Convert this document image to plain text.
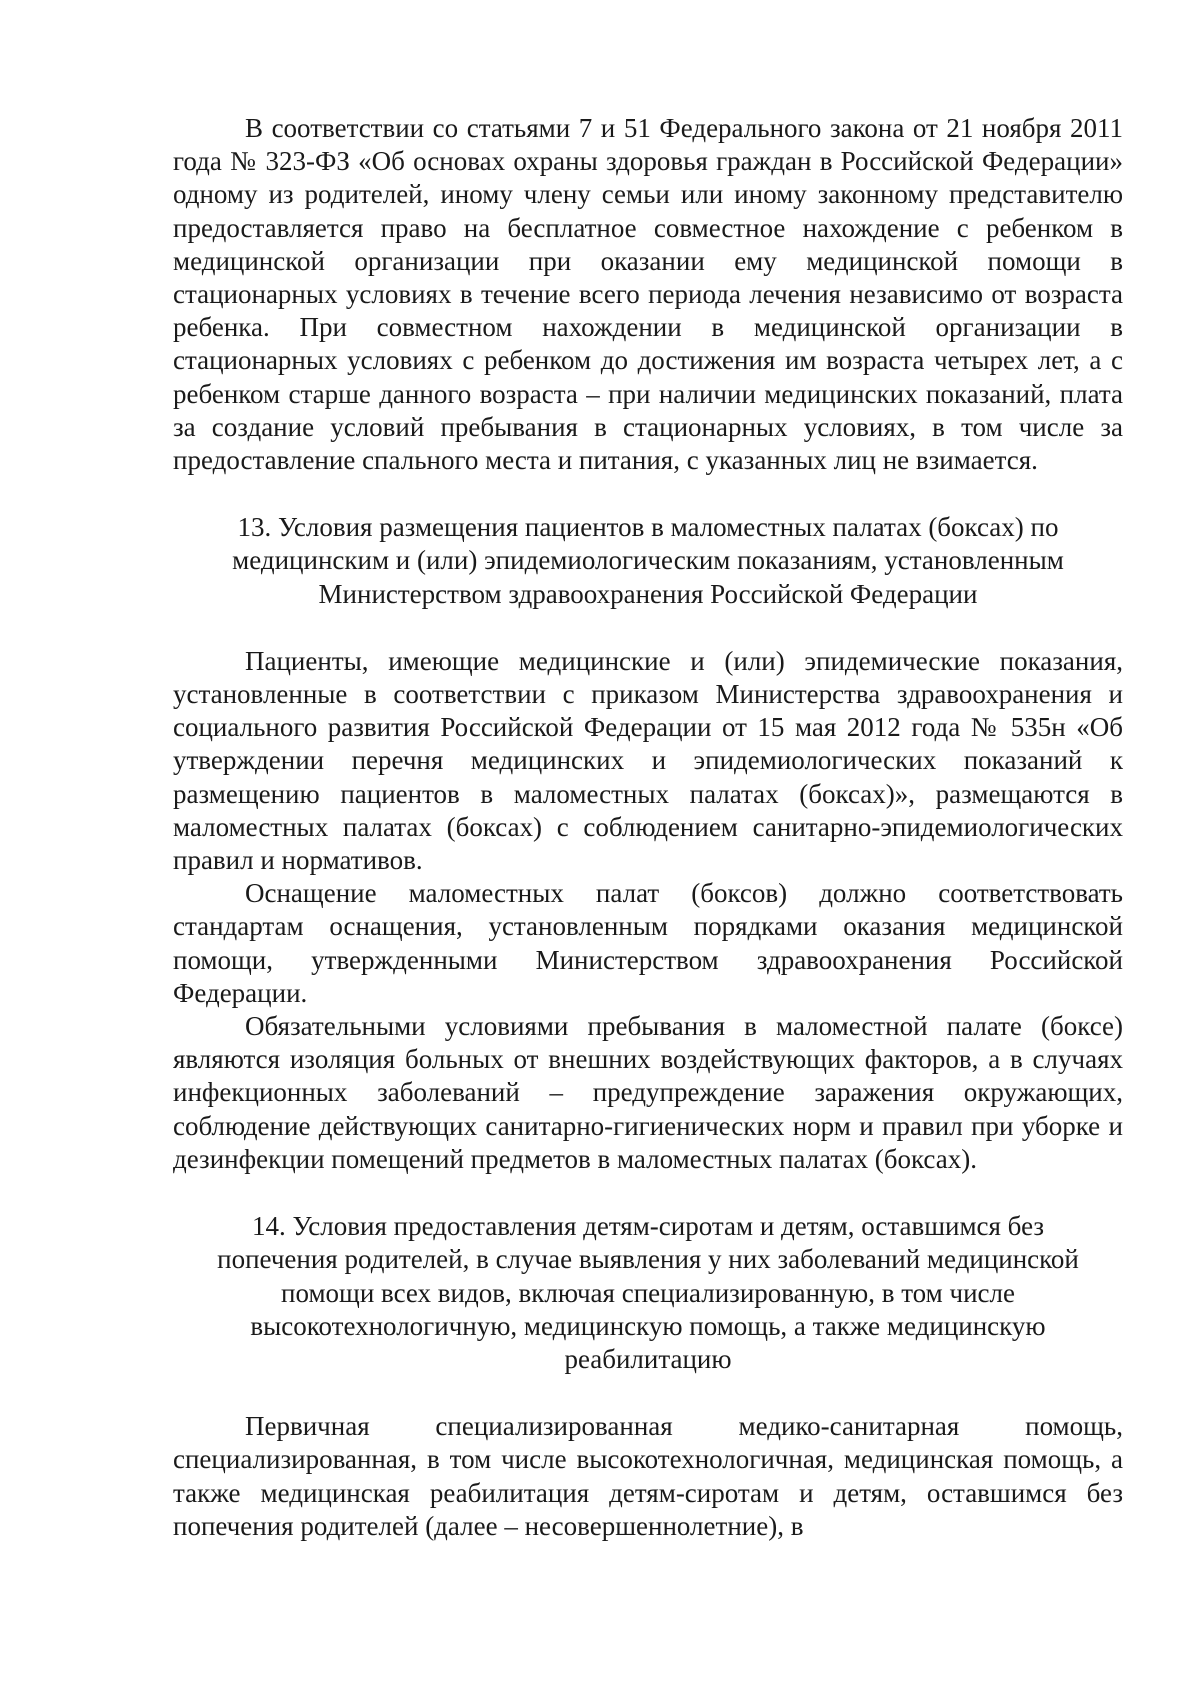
В соответствии со статьями 7 и 51 Федерального закона от 21 ноября 2011 года № 323-ФЗ «Об основах охраны здоровья граждан в Российской Федерации» одному из родителей, иному члену семьи или иному законному представителю предоставляется право на бесплатное совместное нахождение с ребенком в медицинской организации при оказании ему медицинской помощи в стационарных условиях в течение всего периода лечения независимо от возраста ребенка. При совместном нахождении в медицинской организации в стационарных условиях с ребенком до достижения им возраста четырех лет, а с ребенком старше данного возраста – при наличии медицинских показаний, плата за создание условий пребывания в стационарных условиях, в том числе за предоставление спального места и питания, с указанных лиц не взимается.

13. Условия размещения пациентов в маломестных палатах (боксах) по медицинским и (или) эпидемиологическим показаниям, установленным Министерством здравоохранения Российской Федерации

Пациенты, имеющие медицинские и (или) эпидемические показания, установленные в соответствии с приказом Министерства здравоохранения и социального развития Российской Федерации от 15 мая 2012 года № 535н «Об утверждении перечня медицинских и эпидемиологических показаний к размещению пациентов в маломестных палатах (боксах)», размещаются в маломестных палатах (боксах) с соблюдением санитарно-эпидемиологических правил и нормативов.

Оснащение маломестных палат (боксов) должно соответствовать стандартам оснащения, установленным порядками оказания медицинской помощи, утвержденными Министерством здравоохранения Российской Федерации.

Обязательными условиями пребывания в маломестной палате (боксе) являются изоляция больных от внешних воздействующих факторов, а в случаях инфекционных заболеваний – предупреждение заражения окружающих, соблюдение действующих санитарно-гигиенических норм и правил при уборке и дезинфекции помещений предметов в маломестных палатах (боксах).

14. Условия предоставления детям-сиротам и детям, оставшимся без попечения родителей, в случае выявления у них заболеваний медицинской помощи всех видов, включая специализированную, в том числе высокотехнологичную, медицинскую помощь, а также медицинскую реабилитацию

Первичная специализированная медико-санитарная помощь, специализированная, в том числе высокотехнологичная, медицинская помощь, а также медицинская реабилитация детям-сиротам и детям, оставшимся без попечения родителей (далее – несовершеннолетние), в
